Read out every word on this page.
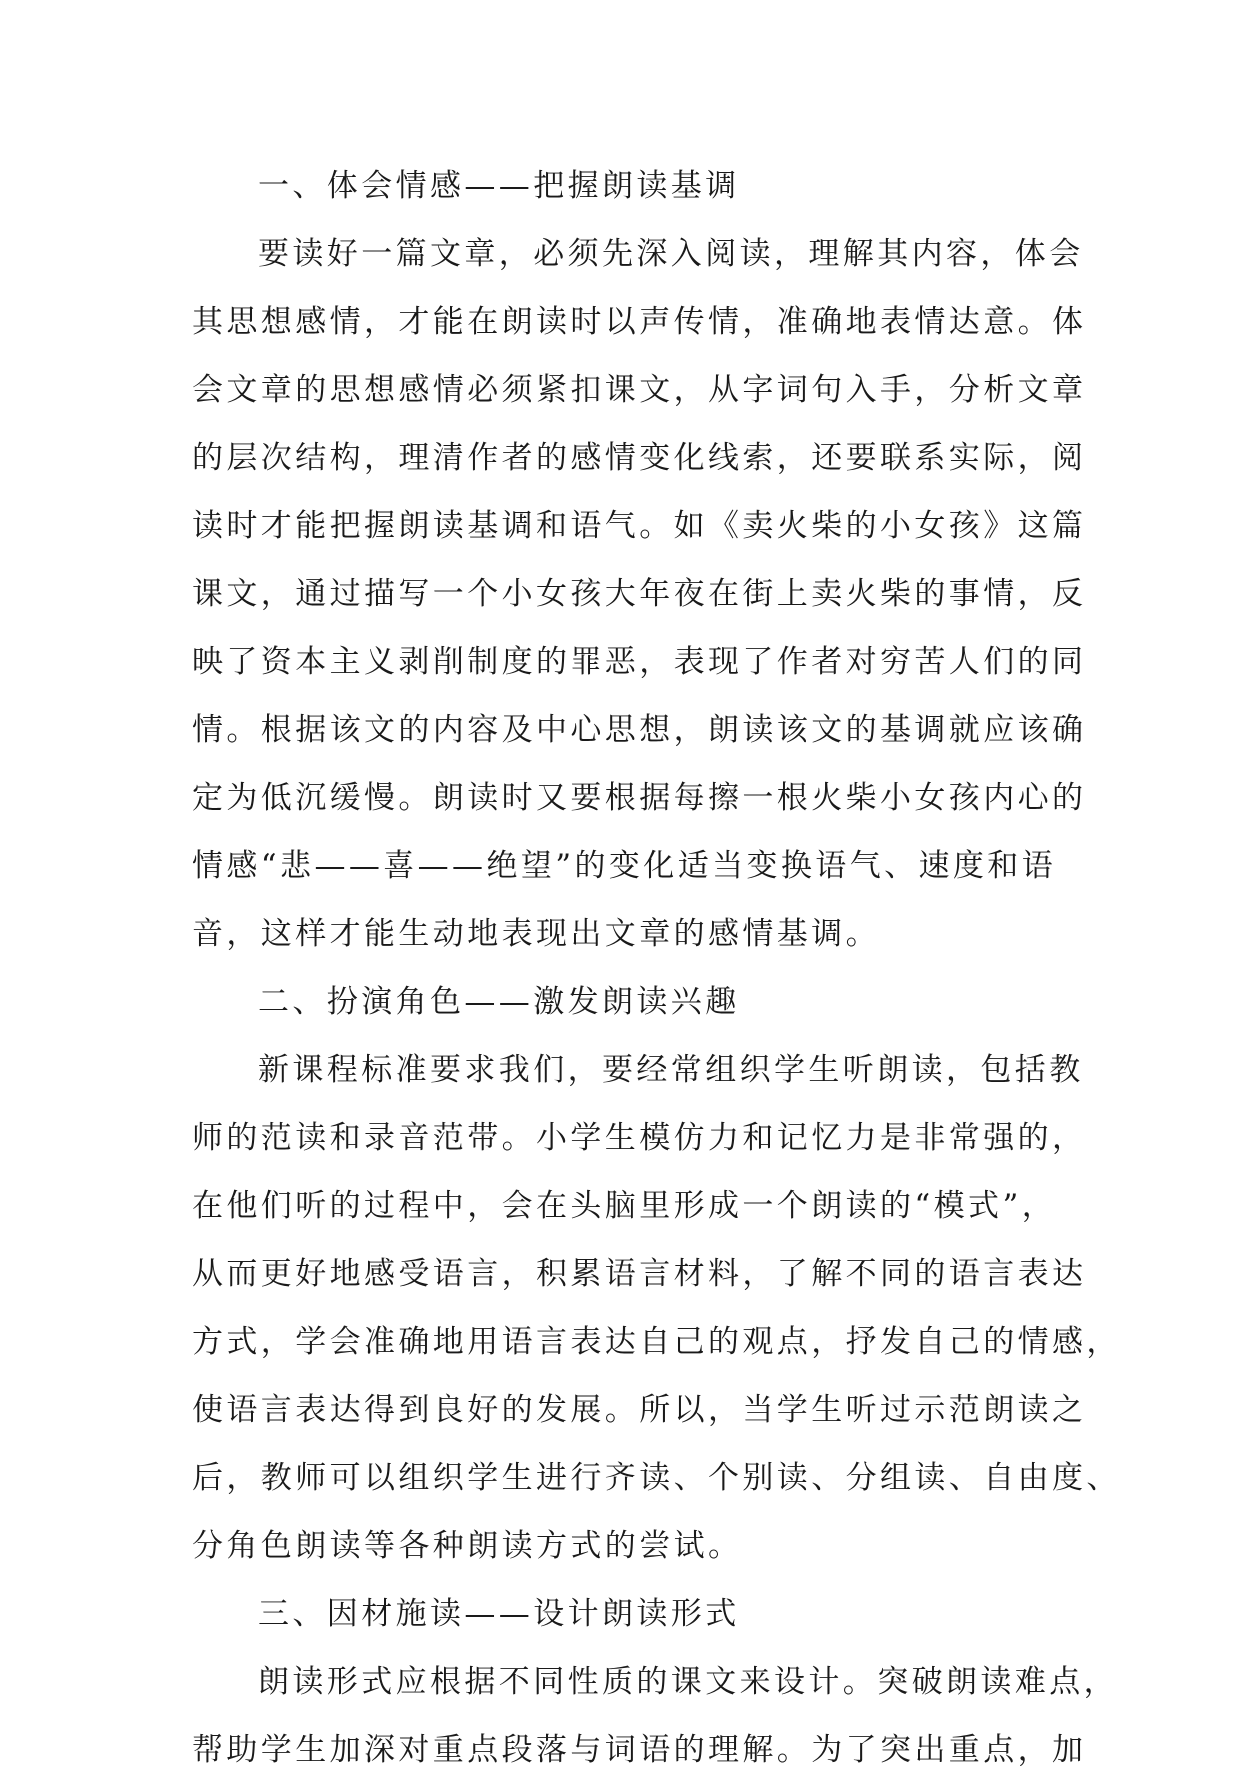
一、体会情感——把握朗读基调
要读好一篇文章，必须先深入阅读，理解其内容，体会
其思想感情，才能在朗读时以声传情，准确地表情达意。体
会文章的思想感情必须紧扣课文，从字词句入手，分析文章
的层次结构，理清作者的感情变化线索，还要联系实际，阅
读时才能把握朗读基调和语气。如《卖火柴的小女孩》这篇
课文，通过描写一个小女孩大年夜在街上卖火柴的事情，反
映了资本主义剥削制度的罪恶，表现了作者对穷苦人们的同
情。根据该文的内容及中心思想，朗读该文的基调就应该确
定为低沉缓慢。朗读时又要根据每擦一根火柴小女孩内心的
情感“悲——喜——绝望”的变化适当变换语气、速度和语
音，这样才能生动地表现出文章的感情基调。
二、扮演角色——激发朗读兴趣
新课程标准要求我们，要经常组织学生听朗读，包括教
师的范读和录音范带。小学生模仿力和记忆力是非常强的，
在他们听的过程中，会在头脑里形成一个朗读的“模式”，
从而更好地感受语言，积累语言材料，了解不同的语言表达
方式，学会准确地用语言表达自己的观点，抒发自己的情感，
使语言表达得到良好的发展。所以，当学生听过示范朗读之
后，教师可以组织学生进行齐读、个别读、分组读、自由度、
分角色朗读等各种朗读方式的尝试。
三、因材施读——设计朗读形式
朗读形式应根据不同性质的课文来设计。突破朗读难点，
帮助学生加深对重点段落与词语的理解。为了突出重点，加
